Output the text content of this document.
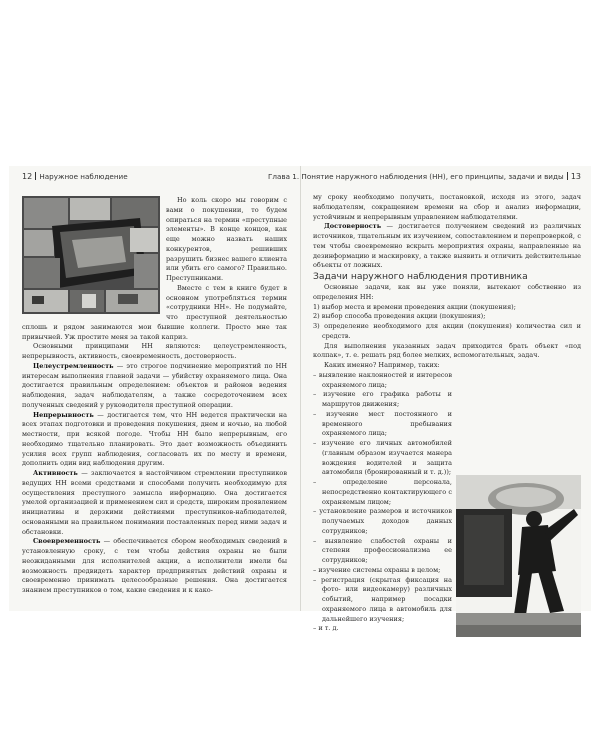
12 Наружное наблюдение	Глава 1. Понятие наружного наблюдения (НН), его принципы, задачи и виды 13

Но коль скоро мы говорим с вами о покушении, то будем опираться на термин «преступные элементы». В конце концов, как еще можно назвать наших конкурентов, решивших разрушить бизнес вашего клиента или убить его самого? Правильно. Преступниками.

Вместе с тем в книге будет в основном употребляться термин «сотрудники НН». Не подумайте, что преступной деятельностью сплошь и рядом занимаются мои бывшие коллеги. Просто мне так привычней. Уж простите меня за такой каприз.

Основными принципами НН являются: целеустремленность, непрерывность, активность, своевременность, достоверность.

Целеустремленность — это строгое подчинение мероприятий по НН интересам выполнения главной задачи — убийству охраняемого лица. Она достигается правильным определением: объектов и районов ведения наблюдения, задач наблюдателям, а также сосредоточением всех полученных сведений у руководителя преступной операции.

Непрерывность — достигается тем, что НН ведется практически на всех этапах подготовки и проведения покушения, днем и ночью, на любой местности, при всякой погоде. Чтобы НН было непрерывным, его необходимо тщательно планировать. Это дает возможность объединить усилия всех групп наблюдения, согласовать их по месту и времени, дополнить один вид наблюдения другим.

Активность — заключается в настойчивом стремлении преступников ведущих НН всеми средствами и способами получить необходимую для осуществления преступного замысла информацию. Она достигается умелой организацией и применением сил и средств, широким проявлением инициативы и дерзкими действиями преступников-наблюдателей, основанными на правильном понимании поставленных перед ними задач и обстановки.

Своевременность — обеспечивается сбором необходимых сведений в установленную сроку, с тем чтобы действия охраны не были неожиданными для исполнителей акции, а исполнители имели бы возможность предвидеть характер предпринятых действий охраны и своевременно принимать целесообразные решения. Она достигается знанием преступников о том, какие сведения и к како-

му сроку необходимо получить, постановкой, исходя из этого, задач наблюдателям, сокращением времени на сбор и анализ информации, устойчивым и непрерывным управлением наблюдателями.

Достоверность — достигается получением сведений из различных источников, тщательным их изучением, сопоставлением и перепроверкой, с тем чтобы своевременно вскрыть мероприятия охраны, направленные на дезинформацию и маскировку, а также выявить и отличить действительные объекты от ложных.

Задачи наружного наблюдения противника

Основные задачи, как вы уже поняли, вытекают собственно из определения НН:

1) выбор места и времени проведения акции (покушения);
2) выбор способа проведения акции (покушения);
3) определение необходимого для акции (покушения) количества сил и средств.

Для выполнения указанных задач приходится брать объект «под колпак», т. е. решать ряд более мелких, вспомогательных, задач.

Каких именно? Например, таких:

– выявление наклонностей и интересов охраняемого лица;
– изучение его графика работы и маршрутов движения;
– изучение мест постоянного и временного пребывания охраняемого лица;
– изучение его личных автомобилей (главным образом изучается манера вождения водителей и защита автомобиля (бронированный и т. д.));
– определение персонала, непосредственно контактирующего с охраняемым лицом;
– установление размеров и источников получаемых доходов данных сотрудников;
– выявление слабостей охраны и степени профессионализма ее сотрудников;
– изучение системы охраны в целом;
– регистрация (скрытая фиксация на фото- или видеокамеру) различных событий, например посадки охраняемого лица в автомобиль для дальнейшего изучения;
– и т. д.
